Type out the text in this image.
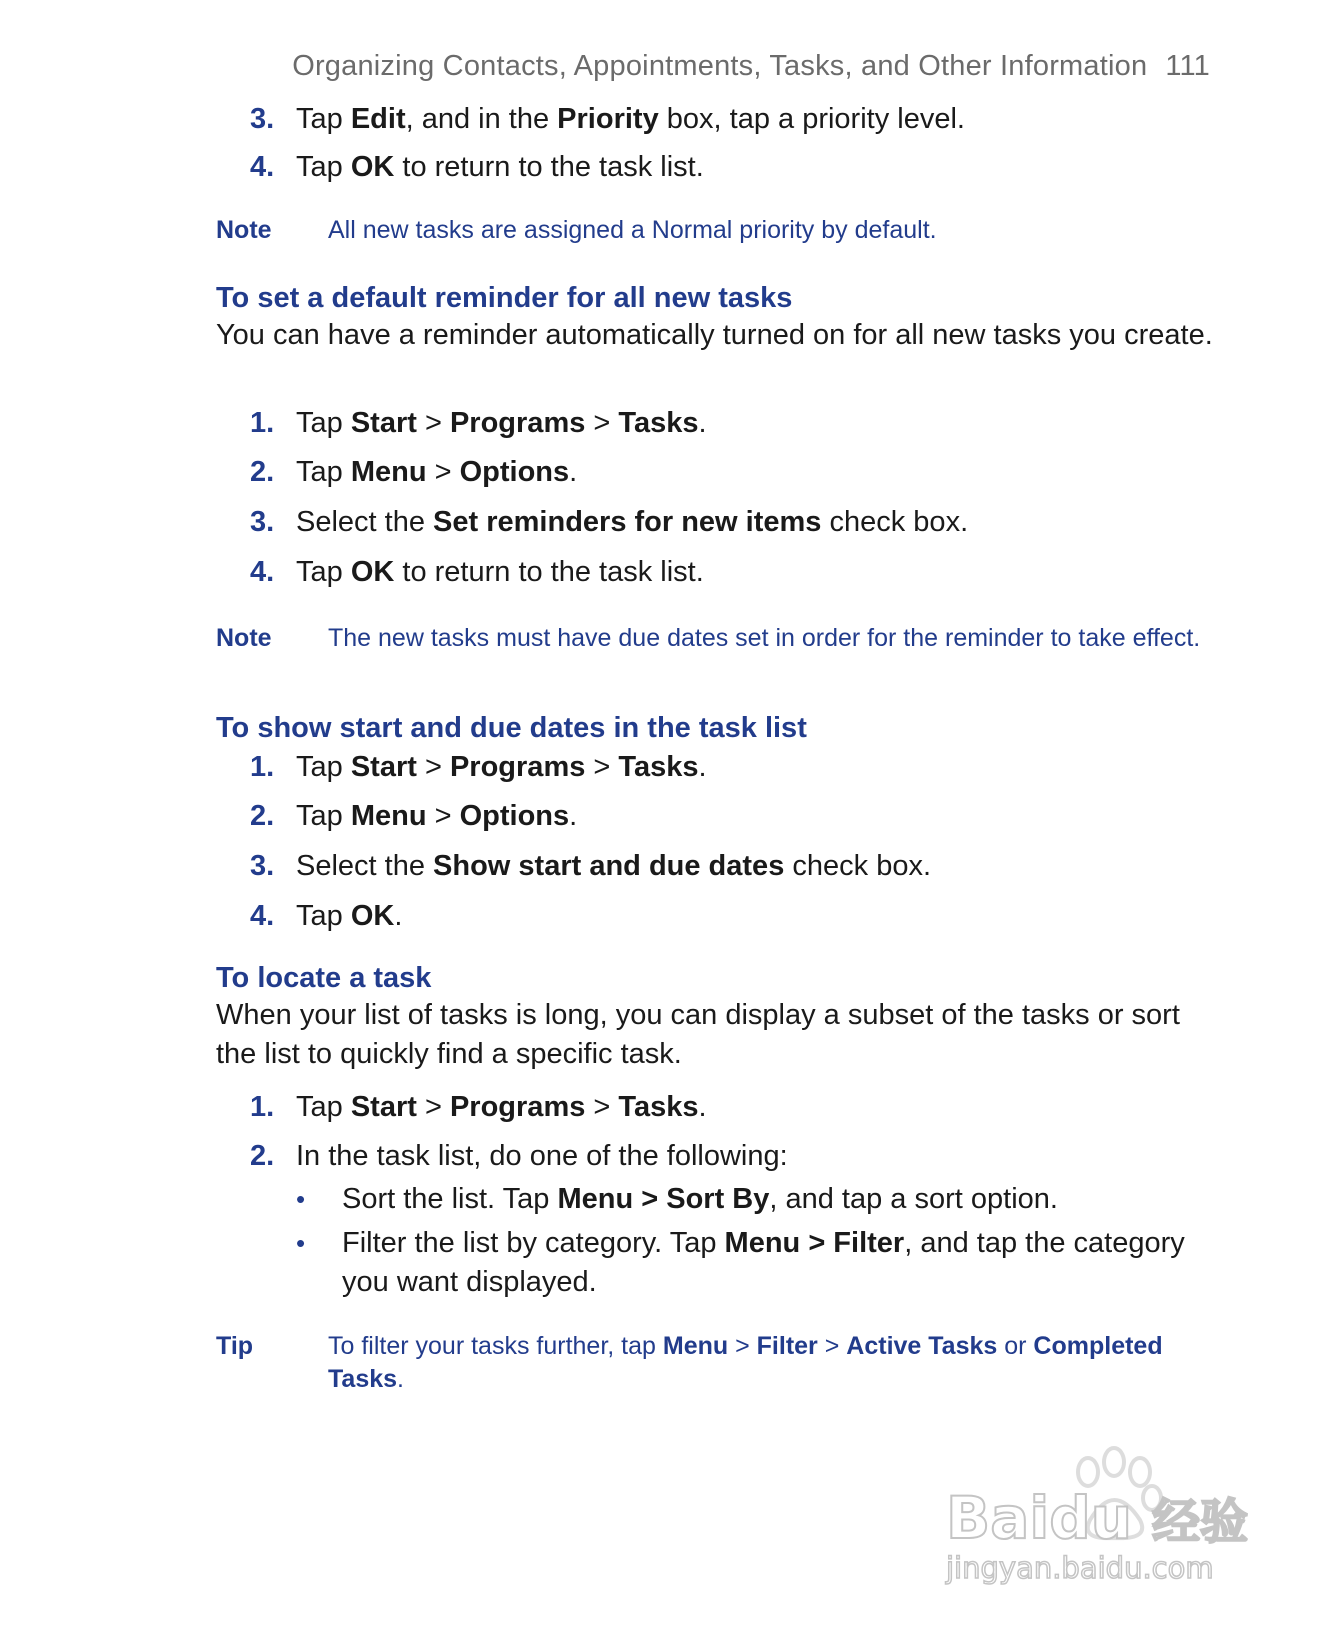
Organizing Contacts, Appointments, Tasks, and Other Information 111
3. Tap Edit, and in the Priority box, tap a priority level.
4. Tap OK to return to the task list.
Note All new tasks are assigned a Normal priority by default.
To set a default reminder for all new tasks
You can have a reminder automatically turned on for all new tasks you create.
1. Tap Start > Programs > Tasks.
2. Tap Menu > Options.
3. Select the Set reminders for new items check box.
4. Tap OK to return to the task list.
Note The new tasks must have due dates set in order for the reminder to take effect.
To show start and due dates in the task list
1. Tap Start > Programs > Tasks.
2. Tap Menu > Options.
3. Select the Show start and due dates check box.
4. Tap OK.
To locate a task
When your list of tasks is long, you can display a subset of the tasks or sort the list to quickly find a specific task.
1. Tap Start > Programs > Tasks.
2. In the task list, do one of the following:
• Sort the list. Tap Menu > Sort By, and tap a sort option.
• Filter the list by category. Tap Menu > Filter, and tap the category you want displayed.
Tip	To filter your tasks further, tap Menu > Filter > Active Tasks or Completed Tasks.
Baidu 经验
jingyan.baidu.com
